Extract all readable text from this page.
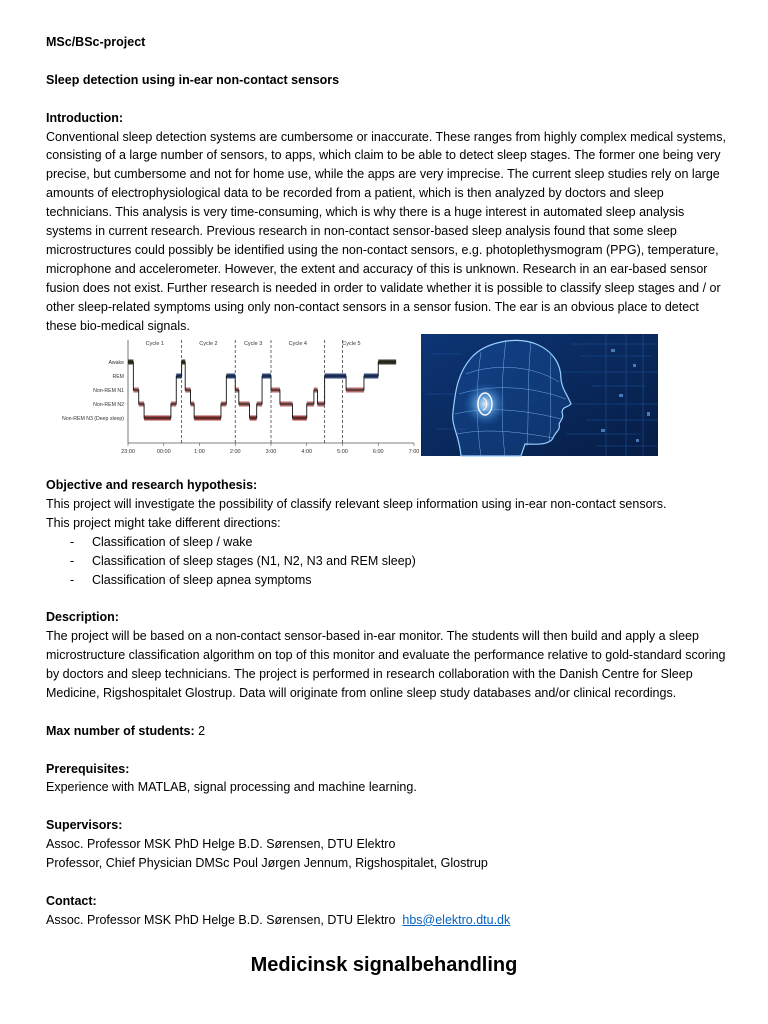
MSc/BSc-project

Sleep detection using in-ear non-contact sensors

Introduction:

Conventional sleep detection systems are cumbersome or inaccurate. These ranges from highly complex medical systems, consisting of a large number of sensors, to apps, which claim to be able to detect sleep stages. The former one being very precise, but cumbersome and not for home use, while the apps are very imprecise. The current sleep studies rely on large amounts of electrophysiological data to be recorded from a patient, which is then analyzed by doctors and sleep technicians. This analysis is very time-consuming, which is why there is a huge interest in automated sleep analysis systems in current research. Previous research in non-contact sensor-based sleep analysis found that some sleep microstructures could possibly be identified using the non-contact sensors, e.g. photoplethysmogram (PPG), temperature, microphone and accelerometer. However, the extent and accuracy of this is unknown. Research in an ear-based sensor fusion does not exist. Further research is needed in order to validate whether it is possible to classify sleep stages and / or other sleep-related symptoms using only non-contact sensors in a sensor fusion. The ear is an obvious place to detect these bio-medical signals.

Cycle 1	Cycle 2	Cycle 3	Cycle 4	Cycle 5
Awake
REM
Non-REM N1
Non-REM N2
Non-REM N3 (Deep sleep)
23:00	00:00	1:00	2:00	3:00	4:00	5:00	6:00	7:00

Objective and research hypothesis:

This project will investigate the possibility of classify relevant sleep information using in-ear non-contact sensors.

This project might take different directions:

- Classification of sleep / wake
- Classification of sleep stages (N1, N2, N3 and REM sleep)
- Classification of sleep apnea symptoms

Description:

The project will be based on a non-contact sensor-based in-ear monitor. The students will then build and apply a sleep microstructure classification algorithm on top of this monitor and evaluate the performance relative to gold-standard scoring by doctors and sleep technicians. The project is performed in research collaboration with the Danish Centre for Sleep Medicine, Rigshospitalet Glostrup. Data will originate from online sleep study databases and/or clinical recordings.

Max number of students: 2

Prerequisites:

Experience with MATLAB, signal processing and machine learning.

Supervisors:

Assoc. Professor MSK PhD Helge B.D. Sørensen, DTU Elektro

Professor, Chief Physician DMSc Poul Jørgen Jennum, Rigshospitalet, Glostrup

Contact:

Assoc. Professor MSK PhD Helge B.D. Sørensen, DTU Elektro  hbs@elektro.dtu.dk

Medicinsk signalbehandling
